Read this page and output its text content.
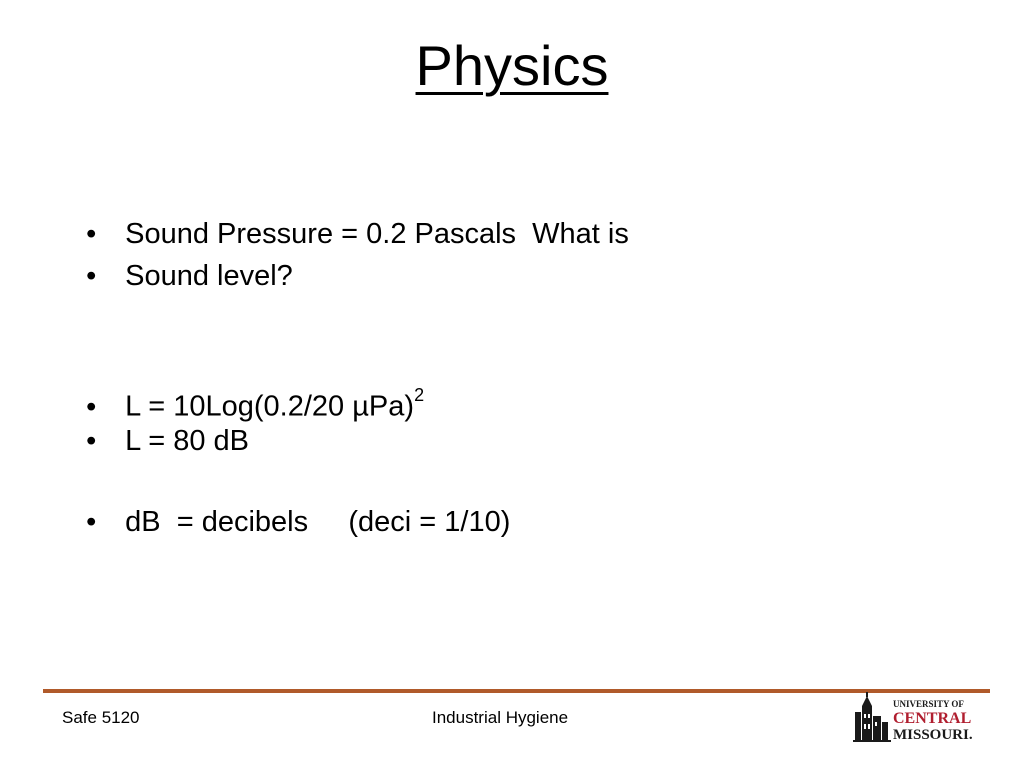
Physics

• Sound Pressure = 0.2 Pascals  What is

• Sound level?

• L = 10Log(0.2/20 µPa)$^2$

• L = 80 dB

• dB  = decibels     (deci = 1/10)

Safe 5120	Industrial Hygiene
UNIVERSITY OF
CENTRAL
MISSOURI.
